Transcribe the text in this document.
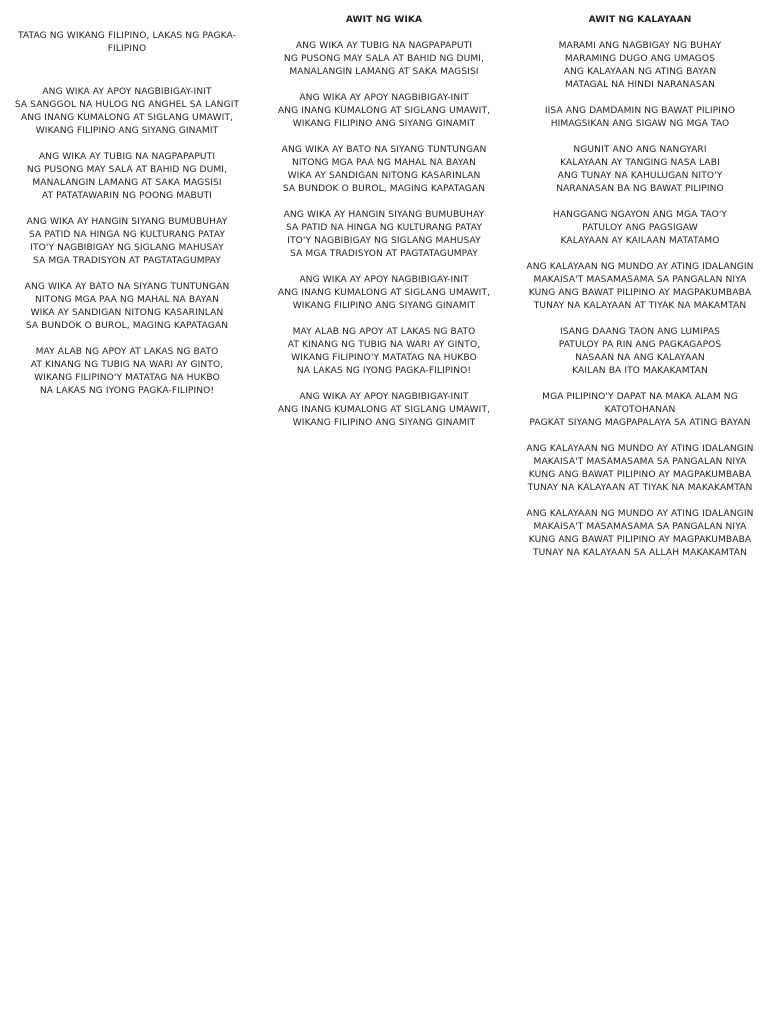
TATAG NG WIKANG FILIPINO, LAKAS NG PAGKA-FILIPINO
ANG WIKA AY APOY NAGBIBIGAY-INIT
SA SANGGOL NA HULOG NG ANGHEL SA LANGIT
ANG INANG KUMALONG AT SIGLANG UMAWIT,
WIKANG FILIPINO ANG SIYANG GINAMIT
ANG WIKA AY TUBIG NA NAGPAPAPUTI
NG PUSONG MAY SALA AT BAHID NG DUMI,
MANALANGIN LAMANG AT SAKA MAGSISI
AT PATATAWARIN NG POONG MABUTI
ANG WIKA AY HANGIN SIYANG BUMUBUHAY
SA PATID NA HINGA NG KULTURANG PATAY
ITO'Y NAGBIBIGAY NG SIGLANG MAHUSAY
SA MGA TRADISYON AT PAGTATAGUMPAY
ANG WIKA AY BATO NA SIYANG TUNTUNGAN
NITONG MGA PAA NG MAHAL NA BAYAN
WIKA AY SANDIGAN NITONG KASARINLAN
SA BUNDOK O BUROL, MAGING KAPATAGAN
MAY ALAB NG APOY AT LAKAS NG BATO
AT KINANG NG TUBIG NA WARI AY GINTO,
WIKANG FILIPINO'Y MATATAG NA HUKBO
NA LAKAS NG IYONG PAGKA-FILIPINO!
AWIT NG WIKA
ANG WIKA AY TUBIG NA NAGPAPAPUTI
NG PUSONG MAY SALA AT BAHID NG DUMI,
MANALANGIN LAMANG AT SAKA MAGSISI
ANG WIKA AY APOY NAGBIBIGAY-INIT
ANG INANG KUMALONG AT SIGLANG UMAWIT,
WIKANG FILIPINO ANG SIYANG GINAMIT
ANG WIKA AY BATO NA SIYANG TUNTUNGAN
NITONG MGA PAA NG MAHAL NA BAYAN
WIKA AY SANDIGAN NITONG KASARINLAN
SA BUNDOK O BUROL, MAGING KAPATAGAN
ANG WIKA AY HANGIN SIYANG BUMUBUHAY
SA PATID NA HINGA NG KULTURANG PATAY
ITO'Y NAGBIBIGAY NG SIGLANG MAHUSAY
SA MGA TRADISYON AT PAGTATAGUMPAY
ANG WIKA AY APOY NAGBIBIGAY-INIT
ANG INANG KUMALONG AT SIGLANG UMAWIT,
WIKANG FILIPINO ANG SIYANG GINAMIT
MAY ALAB NG APOY AT LAKAS NG BATO
AT KINANG NG TUBIG NA WARI AY GINTO,
WIKANG FILIPINO'Y MATATAG NA HUKBO
NA LAKAS NG IYONG PAGKA-FILIPINO!
ANG WIKA AY APOY NAGBIBIGAY-INIT
ANG INANG KUMALONG AT SIGLANG UMAWIT,
WIKANG FILIPINO ANG SIYANG GINAMIT
AWIT NG KALAYAAN
MARAMI ANG NAGBIGAY NG BUHAY
MARAMING DUGO ANG UMAGOS
ANG KALAYAAN NG ATING BAYAN
MATAGAL NA HINDI NARANASAN
IISA ANG DAMDAMIN NG BAWAT PILIPINO
HIMAGSIKAN ANG SIGAW NG MGA TAO
NGUNIT ANO ANG NANGYARI
KALAYAAN AY TANGING NASA LABI
ANG TUNAY NA KAHULUGAN NITO'Y
NARANASAN BA NG BAWAT PILIPINO
HANGGANG NGAYON ANG MGA TAO'Y
PATULOY ANG PAGSIGAW
KALAYAAN AY KAILAAN MATATAMO
ANG KALAYAAN NG MUNDO AY ATING IDALANGIN
MAKAISA'T MASAMASAMA SA PANGALAN NIYA
KUNG ANG BAWAT PILIPINO AY MAGPAKUMBABA
TUNAY NA KALAYAAN AT TIYAK NA MAKAMTAN
ISANG DAANG TAON ANG LUMIPAS
PATULOY PA RIN ANG PAGKAGAPOS
NASAAN NA ANG KALAYAAN
KAILAN BA ITO MAKAKAMTAN
MGA PILIPINO'Y DAPAT NA MAKA ALAM NG KATOTOHANAN
PAGKAT SIYANG MAGPAPALAYA SA ATING BAYAN
ANG KALAYAAN NG MUNDO AY ATING IDALANGIN
MAKAISA'T MASAMASAMA SA PANGALAN NIYA
KUNG ANG BAWAT PILIPINO AY MAGPAKUMBABA
TUNAY NA KALAYAAN AT TIYAK NA MAKAKAMTAN
ANG KALAYAAN NG MUNDO AY ATING IDALANGIN
MAKAISA'T MASAMASAMA SA PANGALAN NIYA
KUNG ANG BAWAT PILIPINO AY MAGPAKUMBABA
TUNAY NA KALAYAAN SA ALLAH MAKAKAMTAN
